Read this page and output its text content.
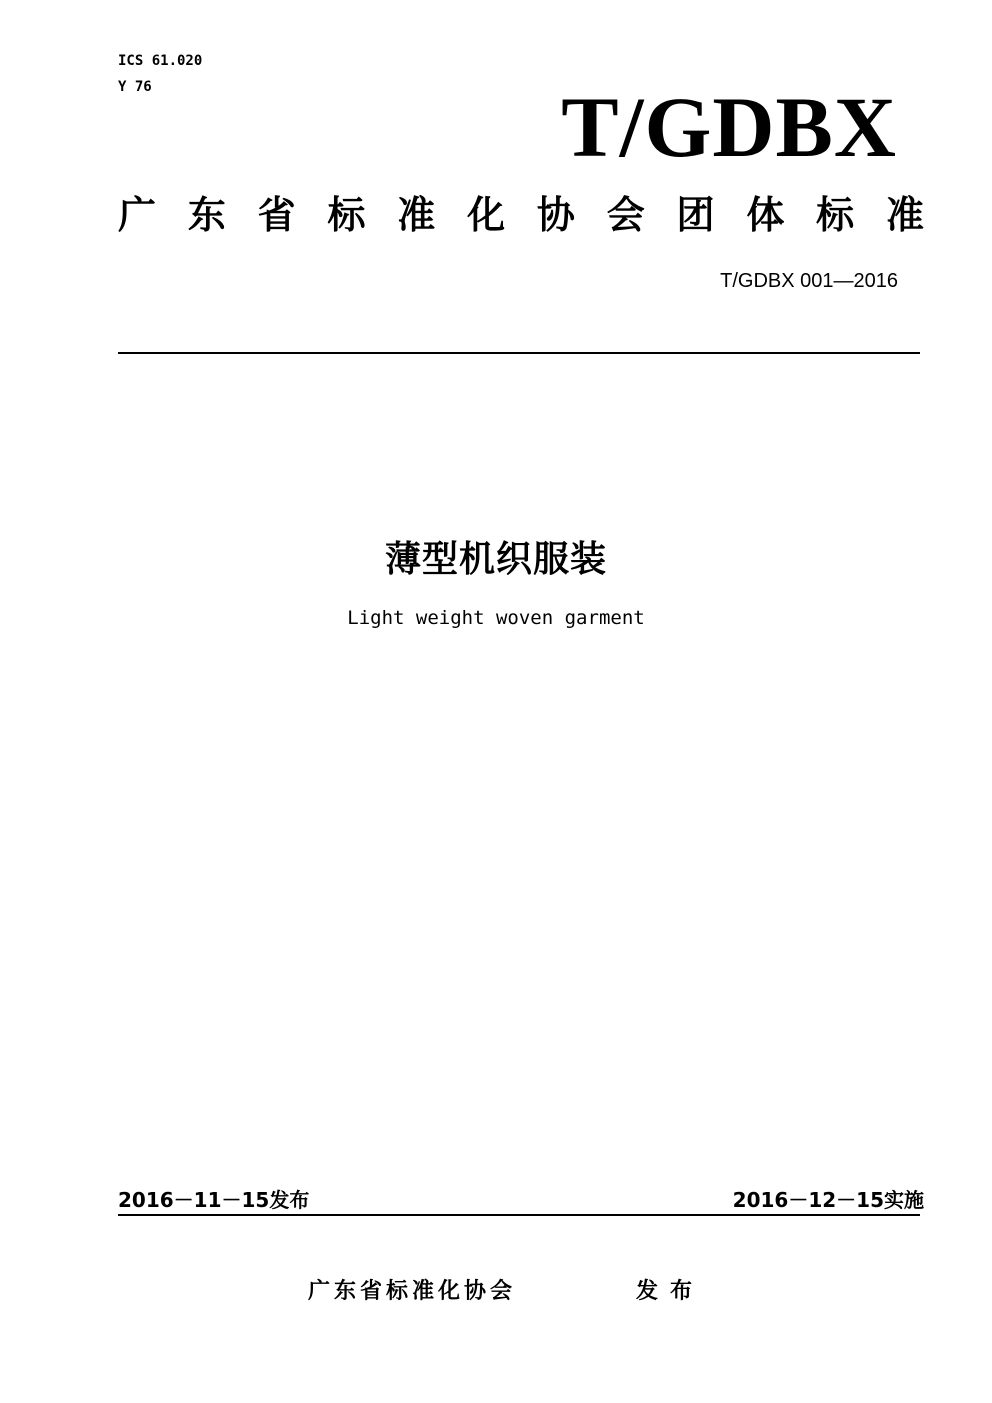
ICS 61.020
Y 76	T/GDBX
广 东 省 标 准 化 协 会 团 体 标 准
T/GDBX 001—2016
薄型机织服装
Light weight woven garment
2016－11－15发布	2016－12－15实施
广东省标准化协会	发布
